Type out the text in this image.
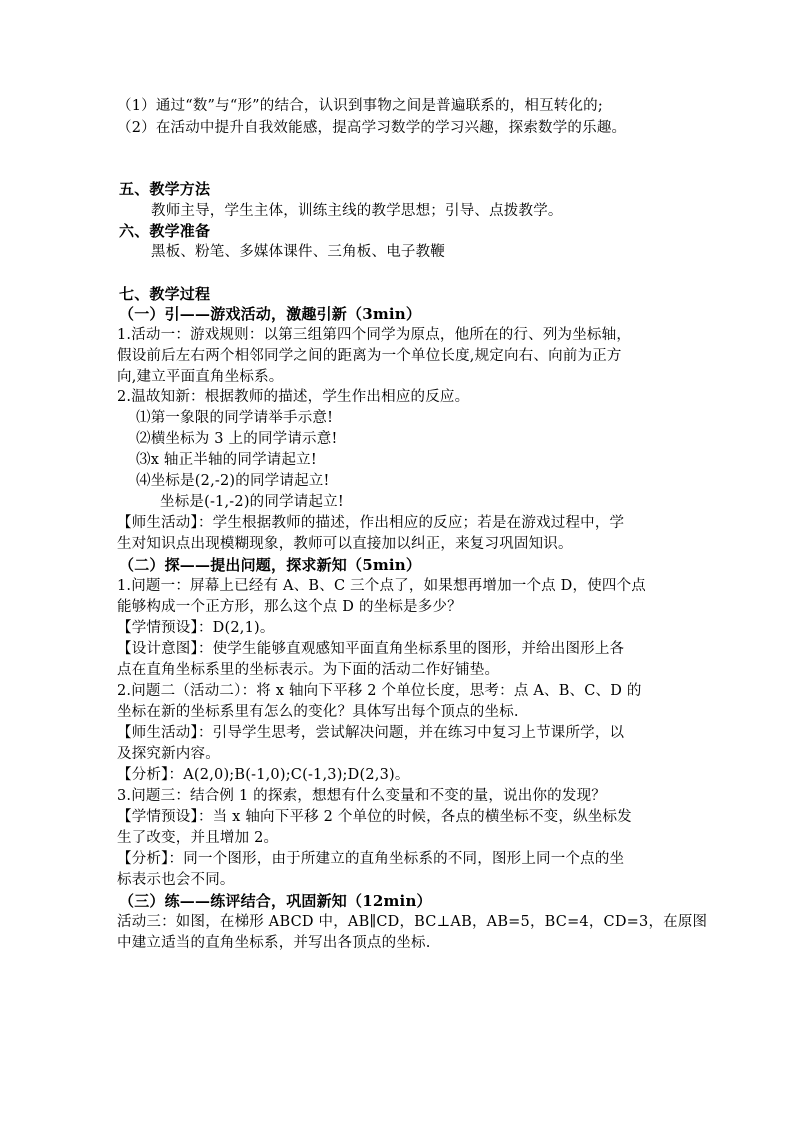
（1）通过“数”与“形”的结合，认识到事物之间是普遍联系的，相互转化的;
（2）在活动中提升自我效能感，提高学习数学的学习兴趣，探索数学的乐趣。
五、教学方法
教师主导，学生主体，训练主线的教学思想；引导、点拨教学。
六、教学准备
黑板、粉笔、多媒体课件、三角板、电子教鞭
七、教学过程
（一）引——游戏活动，激趣引新（3min）
1.活动一：游戏规则：以第三组第四个同学为原点，他所在的行、列为坐标轴，
假设前后左右两个相邻同学之间的距离为一个单位长度,规定向右、向前为正方
向,建立平面直角坐标系。
2.温故知新：根据教师的描述，学生作出相应的反应。
⑴第一象限的同学请举手示意!
⑵横坐标为 3 上的同学请示意!
⑶x 轴正半轴的同学请起立!
⑷坐标是(2,-2)的同学请起立!
坐标是(-1,-2)的同学请起立!
【师生活动】：学生根据教师的描述，作出相应的反应；若是在游戏过程中，学
生对知识点出现模糊现象，教师可以直接加以纠正，来复习巩固知识。
（二）探——提出问题，探求新知（5min）
1.问题一：屏幕上已经有 A、B、C 三个点了，如果想再增加一个点 D，使四个点
能够构成一个正方形，那么这个点 D 的坐标是多少？
【学情预设】：D(2,1)。
【设计意图】：使学生能够直观感知平面直角坐标系里的图形，并给出图形上各
点在直角坐标系里的坐标表示。为下面的活动二作好铺垫。
2.问题二（活动二）：将 x 轴向下平移 2 个单位长度，思考：点 A、B、C、D 的
坐标在新的坐标系里有怎么的变化？具体写出每个顶点的坐标.
【师生活动】：引导学生思考，尝试解决问题，并在练习中复习上节课所学，以
及探究新内容。
【分析】：A(2,0);B(-1,0);C(-1,3);D(2,3)。
3.问题三：结合例 1 的探索，想想有什么变量和不变的量，说出你的发现？
【学情预设】：当 x 轴向下平移 2 个单位的时候，各点的横坐标不变，纵坐标发
生了改变，并且增加 2。
【分析】：同一个图形，由于所建立的直角坐标系的不同，图形上同一个点的坐
标表示也会不同。
（三）练——练评结合，巩固新知（12min）
活动三：如图，在梯形 ABCD 中，AB∥CD，BC⊥AB，AB=5，BC=4，CD=3，在原图
中建立适当的直角坐标系，并写出各顶点的坐标.
